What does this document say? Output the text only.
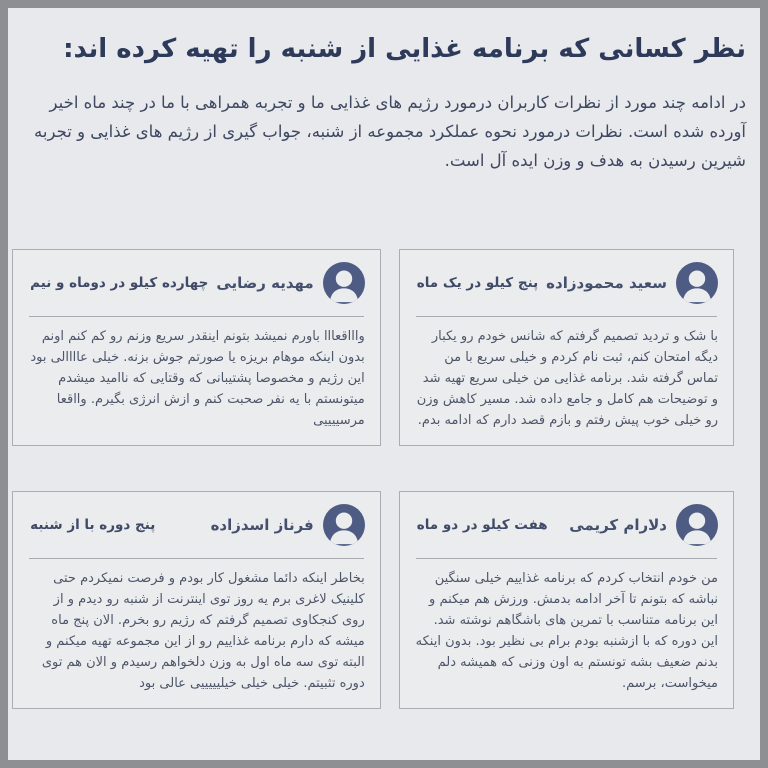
نظر کسانی که برنامه غذایی از شنبه را تهیه کرده اند:

در ادامه چند مورد از نظرات کاربران درمورد رژیم های غذایی ما و تجربه همراهی با ما در چند ماه اخیر آورده شده است. نظرات درمورد نحوه عملکرد مجموعه از شنبه، جواب گیری از رژیم های غذایی و تجربه شیرین رسیدن به هدف و وزن ایده آل است.

سعید محمودزاده
پنج کیلو در یک ماه

با شک و تردید تصمیم گرفتم که شانس خودم رو یکبار دیگه امتحان کنم، ثبت نام کردم و خیلی سریع با من تماس گرفته شد. برنامه غذایی من خیلی سریع تهیه شد و توضیحات هم کامل و جامع داده شد. مسیر کاهش وزن رو خیلی خوب پیش رفتم و بازم قصد دارم که ادامه بدم.

مهدیه رضایی
چهارده کیلو در دوماه و نیم

واااقعااا باورم نمیشد بتونم اینقدر سریع وزنم رو کم کنم اونم بدون اینکه موهام بریزه یا صورتم جوش بزنه. خیلی عاااالی بود این رژیم و مخصوصا پشتیبانی که وقتایی که ناامید میشدم میتونستم با یه نفر صحبت کنم و ازش انرژی بگیرم. وااقعا مرسییییی

دلارام کریمی
هفت کیلو در دو ماه

من خودم انتخاب کردم که برنامه غذاییم خیلی سنگین نباشه که بتونم تا آخر ادامه بدمش. ورزش هم میکنم و این برنامه متناسب با تمرین های باشگاهم نوشته شد. این دوره که با ازشنبه بودم برام بی نظیر بود. بدون اینکه بدنم ضعیف بشه تونستم به اون وزنی که همیشه دلم میخواست، برسم.

فرناز اسدزاده
پنج دوره با از شنبه

بخاطر اینکه دائما مشغول کار بودم و فرصت نمیکردم حتی کلینیک لاغری برم یه روز توی اینترنت از شنبه رو دیدم و از روی کنجکاوی تصمیم گرفتم که رژیم رو بخرم. الان پنج ماه میشه که دارم برنامه غذاییم رو از این مجموعه تهیه میکنم و البته توی سه ماه اول به وزن دلخواهم رسیدم و الان هم توی دوره تثبیتم. خیلی خیلی خیلیییییی عالی بود
